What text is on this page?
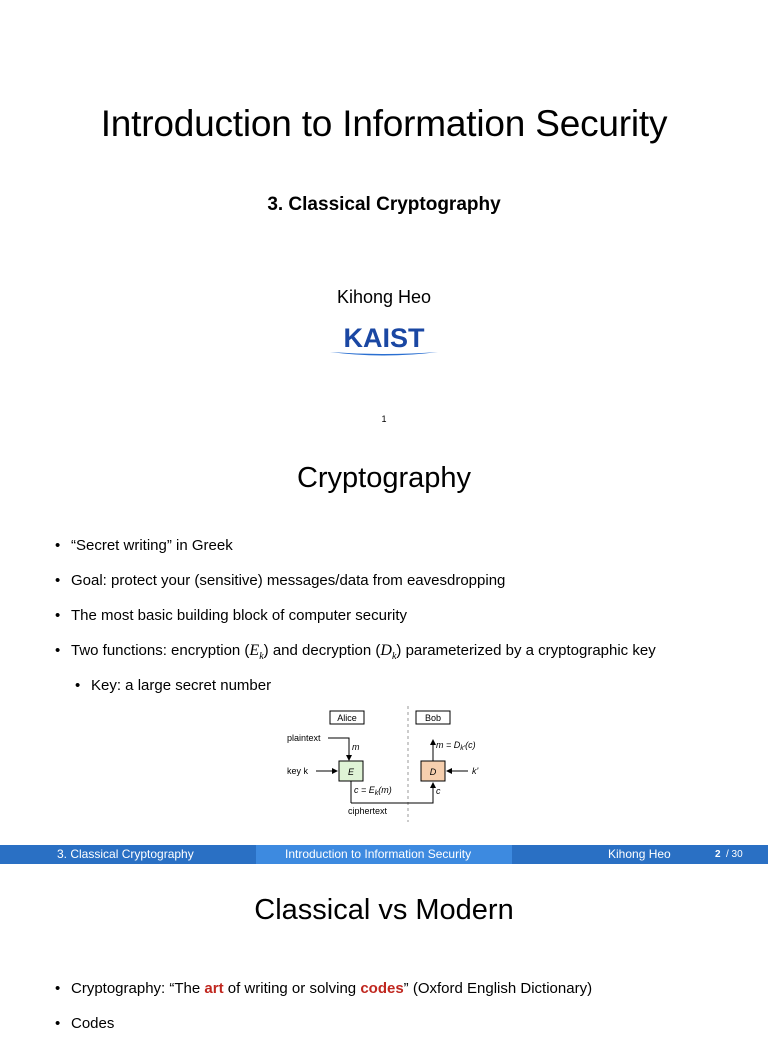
Introduction to Information Security
3. Classical Cryptography
Kihong Heo
KAIST
1
Cryptography
• “Secret writing” in Greek
• Goal: protect your (sensitive) messages/data from eavesdropping
• The most basic building block of computer security
• Two functions: encryption $(E_k)$ and decryption $(D_k)$ parameterized by a cryptographic key
• Key: a large secret number
Alice	Bob
plaintext
m
E
key k
$c = E_k(m)$
ciphertext
c
D
$m = D_{k'}(c)$
k'
3. Classical Cryptography	Introduction to Information Security	Kihong Heo	2 / 30
Classical vs Modern
• Cryptography: “The art of writing or solving codes” (Oxford English Dictionary)
• Codes
